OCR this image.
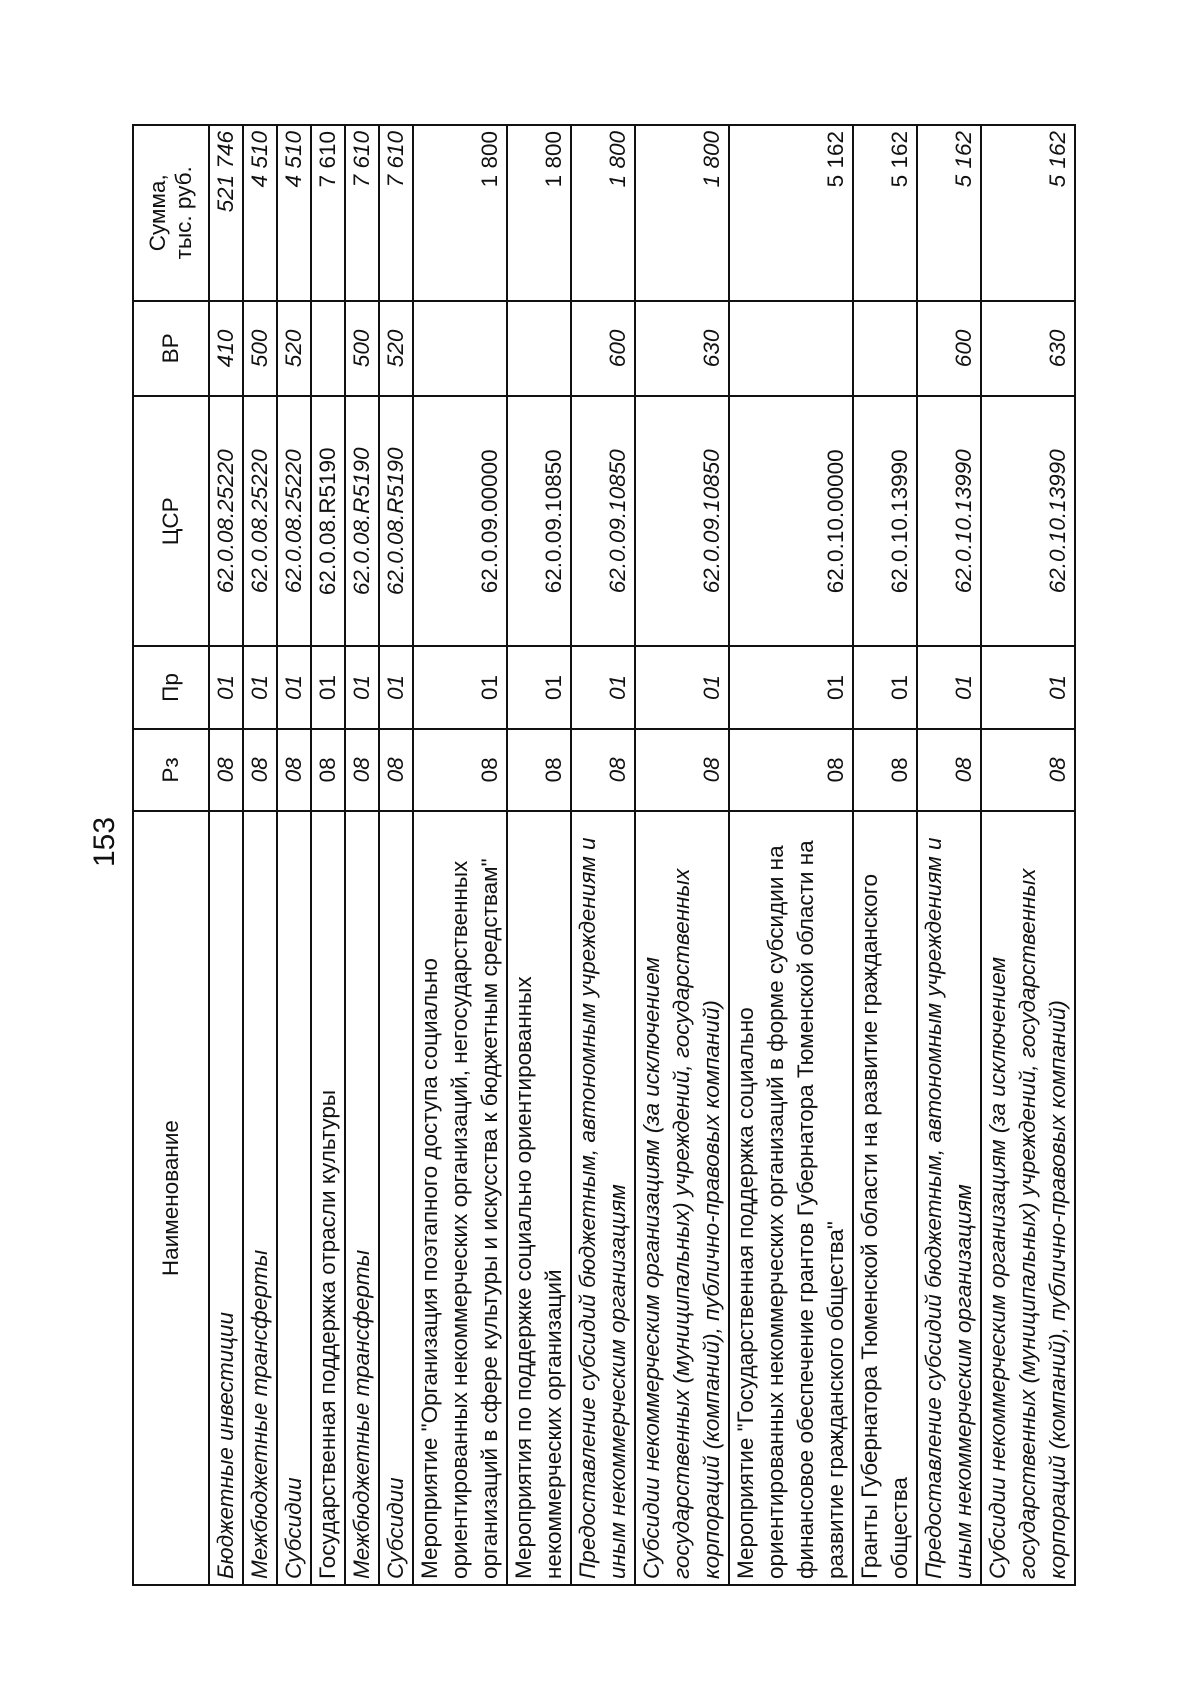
153
Наименование	Рз	Пр	ЦСР	ВР	Сумма, тыс. руб.

Бюджетные инвестиции	08	01	62.0.08.25220	410	521 746
Межбюджетные трансферты	08	01	62.0.08.25220	500	4 510
Субсидии	08	01	62.0.08.25220	520	4 510
Государственная поддержка отрасли культуры	08	01	62.0.08.R5190		7 610
Межбюджетные трансферты	08	01	62.0.08.R5190	500	7 610
Субсидии	08	01	62.0.08.R5190	520	7 610
Мероприятие "Организация поэтапного доступа социально ориентированных некоммерческих организаций, негосударственных организаций в сфере культуры и искусства к бюджетным средствам"	08	01	62.0.09.00000		1 800
Мероприятия по поддержке социально ориентированных некоммерческих организаций	08	01	62.0.09.10850		1 800
Предоставление субсидий бюджетным, автономным учреждениям и иным некоммерческим организациям	08	01	62.0.09.10850	600	1 800
Субсидии некоммерческим организациям (за исключением государственных (муниципальных) учреждений, государственных корпораций (компаний), публично-правовых компаний)	08	01	62.0.09.10850	630	1 800
Мероприятие "Государственная поддержка социально ориентированных некоммерческих организаций в форме субсидии на финансовое обеспечение грантов Губернатора Тюменской области на развитие гражданского общества"	08	01	62.0.10.00000		5 162
Гранты Губернатора Тюменской области на развитие гражданского общества	08	01	62.0.10.13990		5 162
Предоставление субсидий бюджетным, автономным учреждениям и иным некоммерческим организациям	08	01	62.0.10.13990	600	5 162
Субсидии некоммерческим организациям (за исключением государственных (муниципальных) учреждений, государственных корпораций (компаний), публично-правовых компаний)	08	01	62.0.10.13990	630	5 162
